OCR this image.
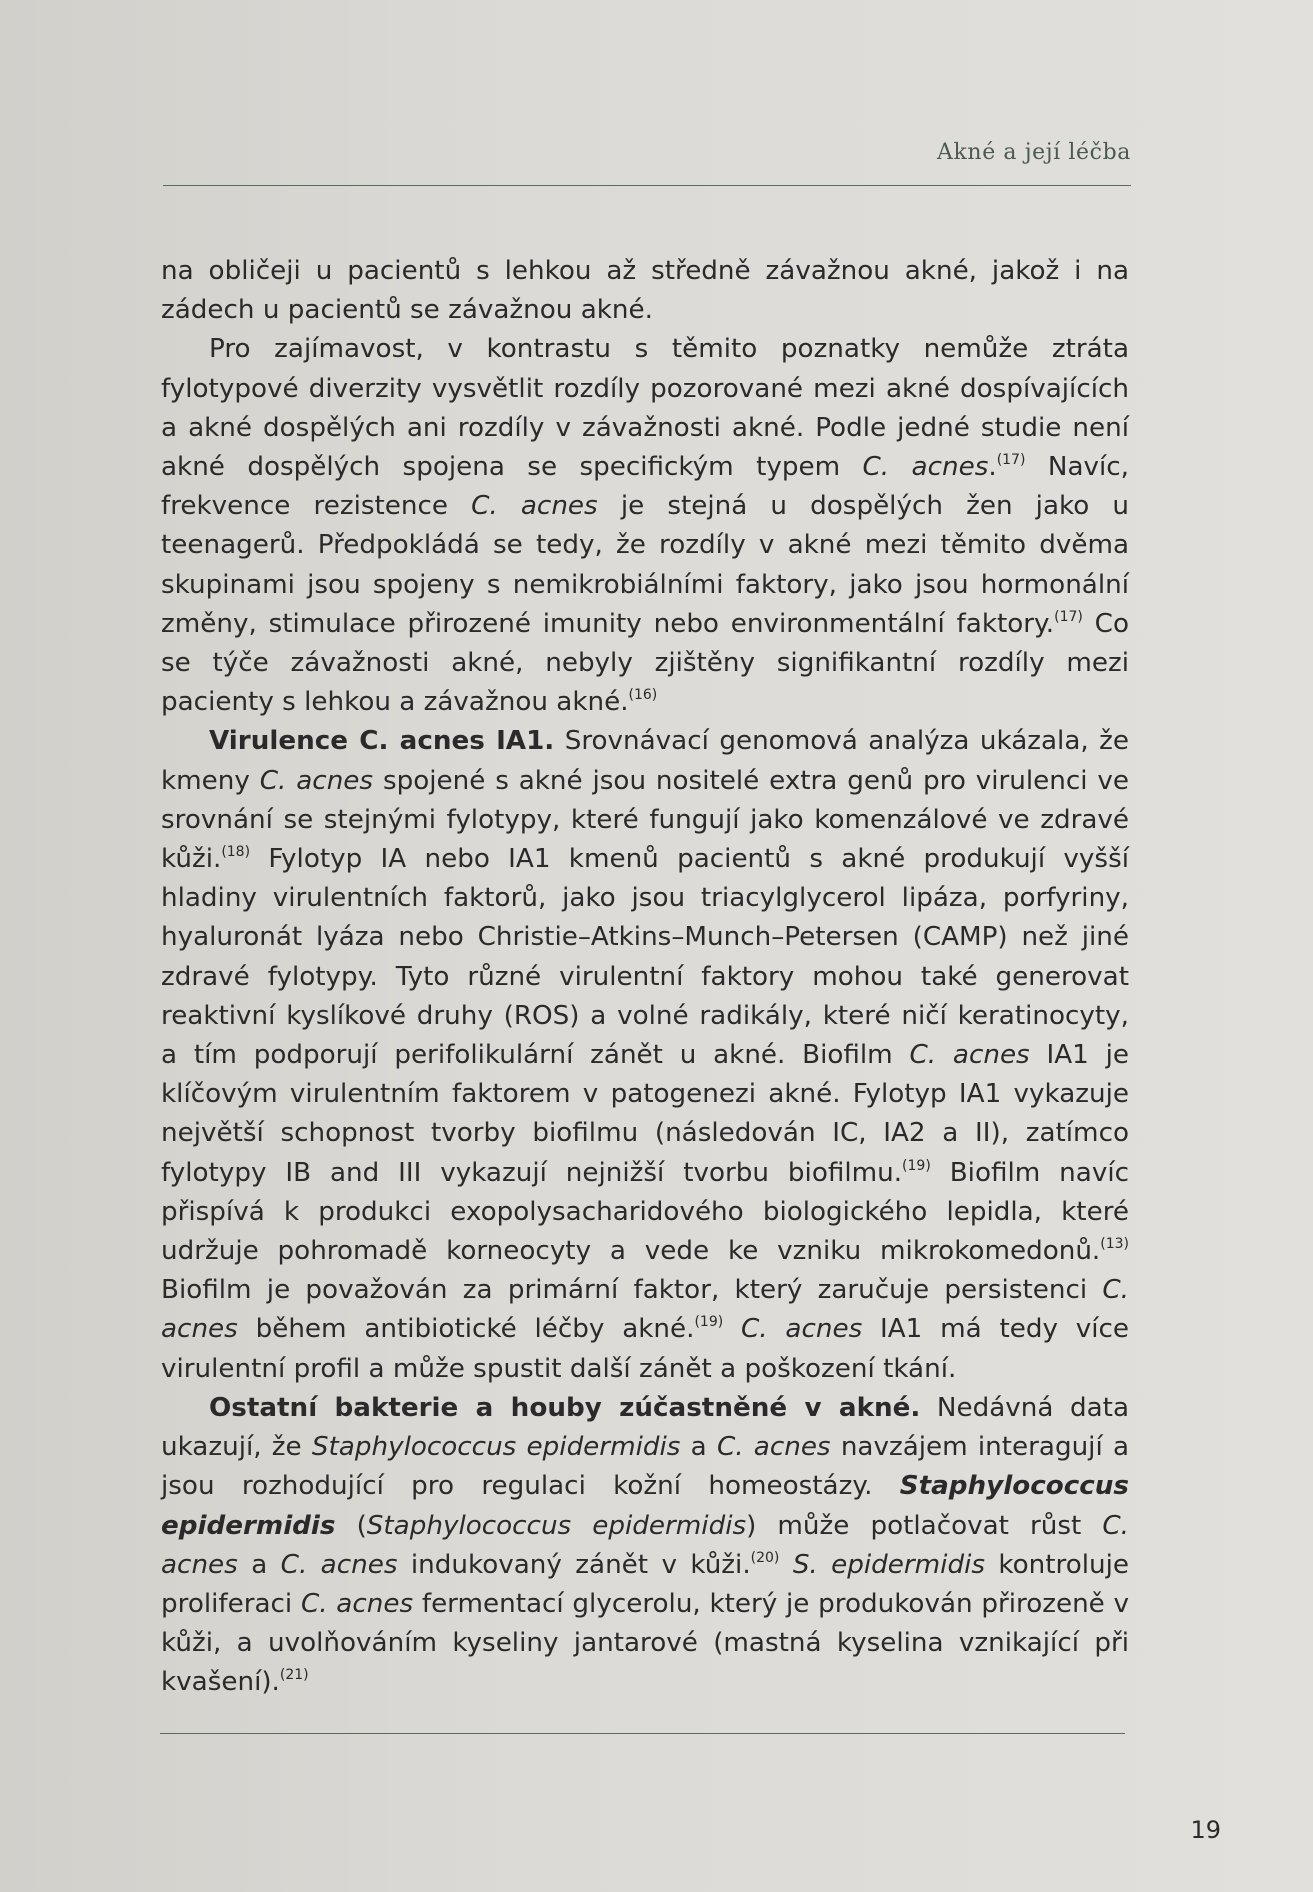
Akné a její léčba

na obličeji u pacientů s lehkou až středně závažnou akné, jakož i na zádech u pacientů se závažnou akné.

Pro zajímavost, v kontrastu s těmito poznatky nemůže ztráta fylotypové diverzity vysvětlit rozdíly pozorované mezi akné dospívajících a akné dospělých ani rozdíly v závažnosti akné. Podle jedné studie není akné dospělých spojena se specifickým typem C. acnes.$^{(17)}$ Navíc, frekvence rezistence C. acnes je stejná u dospělých žen jako u teenagerů. Předpokládá se tedy, že rozdíly v akné mezi těmito dvěma skupinami jsou spojeny s nemikrobiálními faktory, jako jsou hormonální změny, stimulace přirozené imunity nebo environmentální faktory.$^{(17)}$ Co se týče závažnosti akné, nebyly zjištěny signifikantní rozdíly mezi pacienty s lehkou a závažnou akné.$^{(16)}$

Virulence C. acnes IA1. Srovnávací genomová analýza ukázala, že kmeny C. acnes spojené s akné jsou nositelé extra genů pro virulenci ve srovnání se stejnými fylotypy, které fungují jako komenzálové ve zdravé kůži.$^{(18)}$ Fylotyp IA nebo IA1 kmenů pacientů s akné produkují vyšší hladiny virulentních faktorů, jako jsou triacylglycerol lipáza, porfyriny, hyaluronát lyáza nebo Christie–Atkins–Munch–Petersen (CAMP) než jiné zdravé fylotypy. Tyto různé virulentní faktory mohou také generovat reaktivní kyslíkové druhy (ROS) a volné radikály, které ničí keratinocyty, a tím podporují perifolikulární zánět u akné. Biofilm C. acnes IA1 je klíčovým virulentním faktorem v patogenezi akné. Fylotyp IA1 vykazuje největší schopnost tvorby biofilmu (následován IC, IA2 a II), zatímco fylotypy IB and III vykazují nejnižší tvorbu biofilmu.$^{(19)}$ Biofilm navíc přispívá k produkci exopolysacharidového biologického lepidla, které udržuje pohromadě korneocyty a vede ke vzniku mikrokomedonů.$^{(13)}$ Biofilm je považován za primární faktor, který zaručuje persistenci C. acnes během antibiotické léčby akné.$^{(19)}$ C. acnes IA1 má tedy více virulentní profil a může spustit další zánět a poškození tkání.

Ostatní bakterie a houby zúčastněné v akné. Nedávná data ukazují, že Staphylococcus epidermidis a C. acnes navzájem interagují a jsou rozhodující pro regulaci kožní homeostázy. Staphylococcus epidermidis (Staphylococcus epidermidis) může potlačovat růst C. acnes a C. acnes indukovaný zánět v kůži.$^{(20)}$ S. epidermidis kontroluje proliferaci C. acnes fermentací glycerolu, který je produkován přirozeně v kůži, a uvolňováním kyseliny jantarové (mastná kyselina vznikající při kvašení).$^{(21)}$

19
